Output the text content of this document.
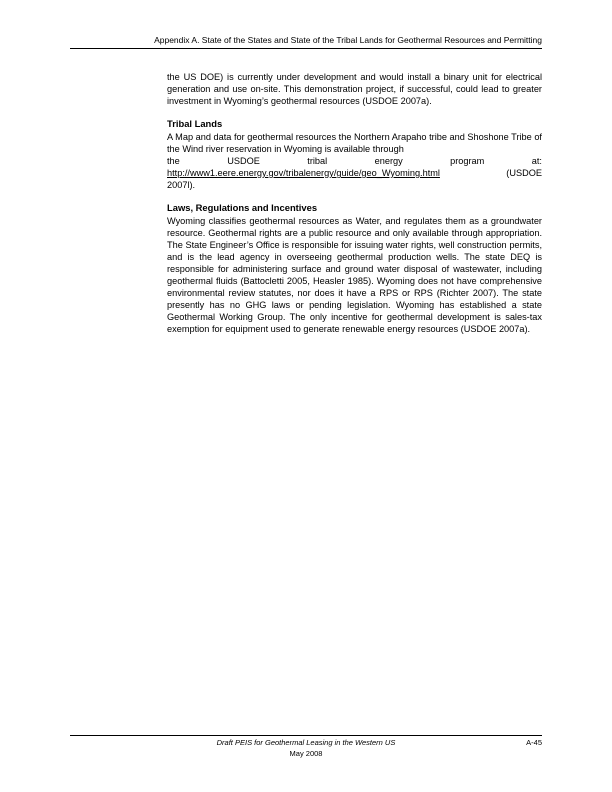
Appendix A. State of the States and State of the Tribal Lands for Geothermal Resources and Permitting

the US DOE) is currently under development and would install a binary unit for electrical generation and use on-site. This demonstration project, if successful, could lead to greater investment in Wyoming’s geothermal resources (USDOE 2007a).

Tribal Lands

A Map and data for geothermal resources the Northern Arapaho tribe and Shoshone Tribe of the Wind river reservation in Wyoming is available through

the	USDOE	tribal	energy	program	at:
http://www1.eere.energy.gov/tribalenergy/guide/geo_Wyoming.html	(USDOE
2007l).
Laws, Regulations and Incentives

Wyoming classifies geothermal resources as Water, and regulates them as a groundwater resource. Geothermal rights are a public resource and only available through appropriation. The State Engineer’s Office is responsible for issuing water rights, well construction permits, and is the lead agency in overseeing geothermal production wells. The state DEQ is responsible for administering surface and ground water disposal of wastewater, including geothermal fluids (Battocletti 2005, Heasler 1985). Wyoming does not have comprehensive environmental review statutes, nor does it have a RPS or RPS (Richter 2007). The state presently has no GHG laws or pending legislation. Wyoming has established a state Geothermal Working Group. The only incentive for geothermal development is sales-tax exemption for equipment used to generate renewable energy resources (USDOE 2007a).

Draft PEIS for Geothermal Leasing in the Western US	A-45
May 2008
